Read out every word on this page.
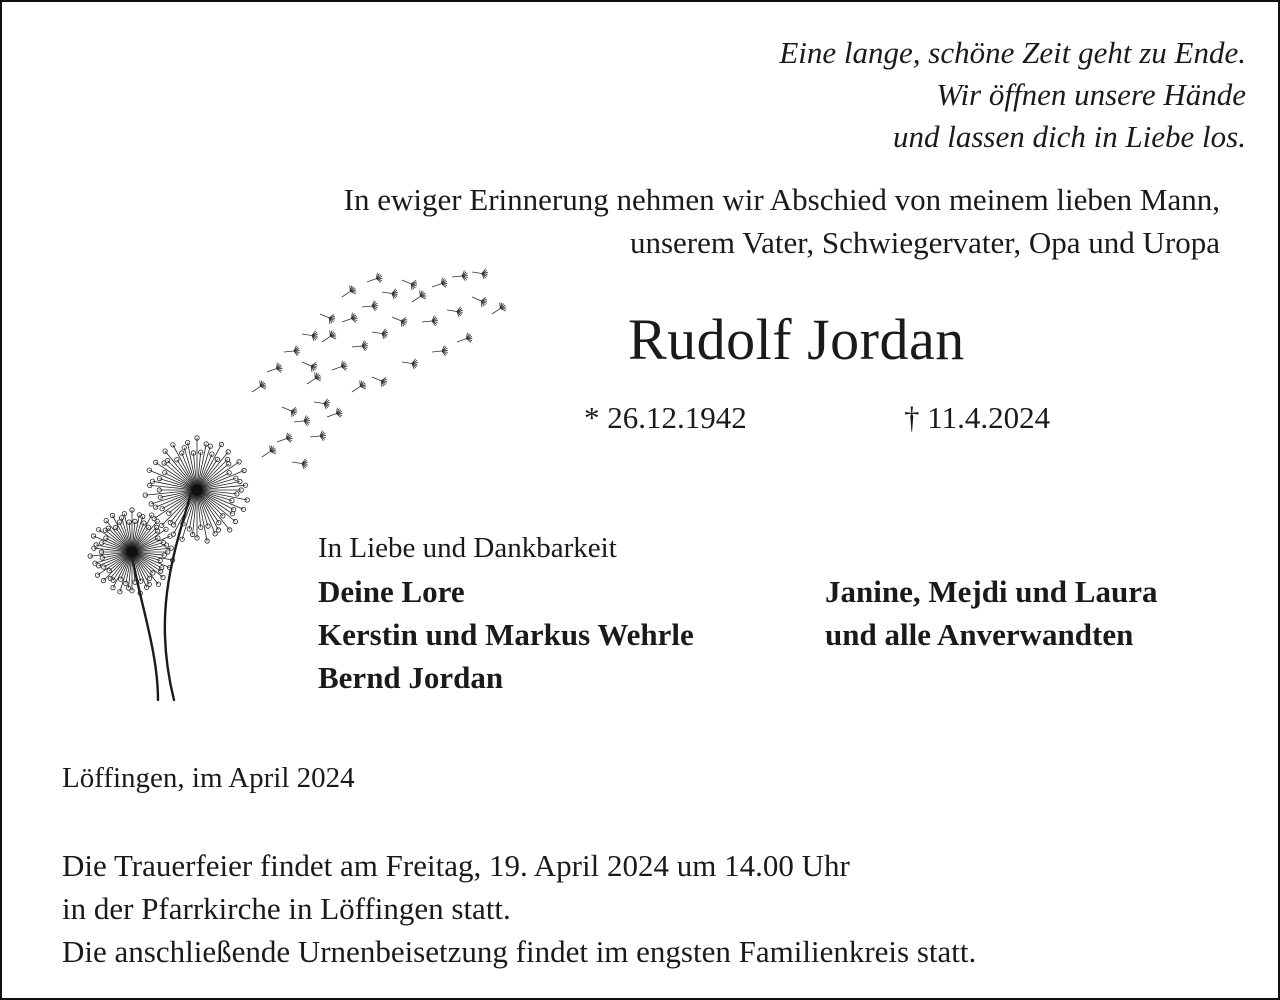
Eine lange, schöne Zeit geht zu Ende.
Wir öffnen unsere Hände
und lassen dich in Liebe los.
In ewiger Erinnerung nehmen wir Abschied von meinem lieben Mann,
unserem Vater, Schwiegervater, Opa und Uropa
Rudolf Jordan
* 26.12.1942	† 11.4.2024
In Liebe und Dankbarkeit
Deine Lore
Kerstin und Markus Wehrle
Bernd Jordan
Janine, Mejdi und Laura
und alle Anverwandten
Löffingen, im April 2024
Die Trauerfeier findet am Freitag, 19. April 2024 um 14.00 Uhr
in der Pfarrkirche in Löffingen statt.
Die anschließende Urnenbeisetzung findet im engsten Familienkreis statt.
